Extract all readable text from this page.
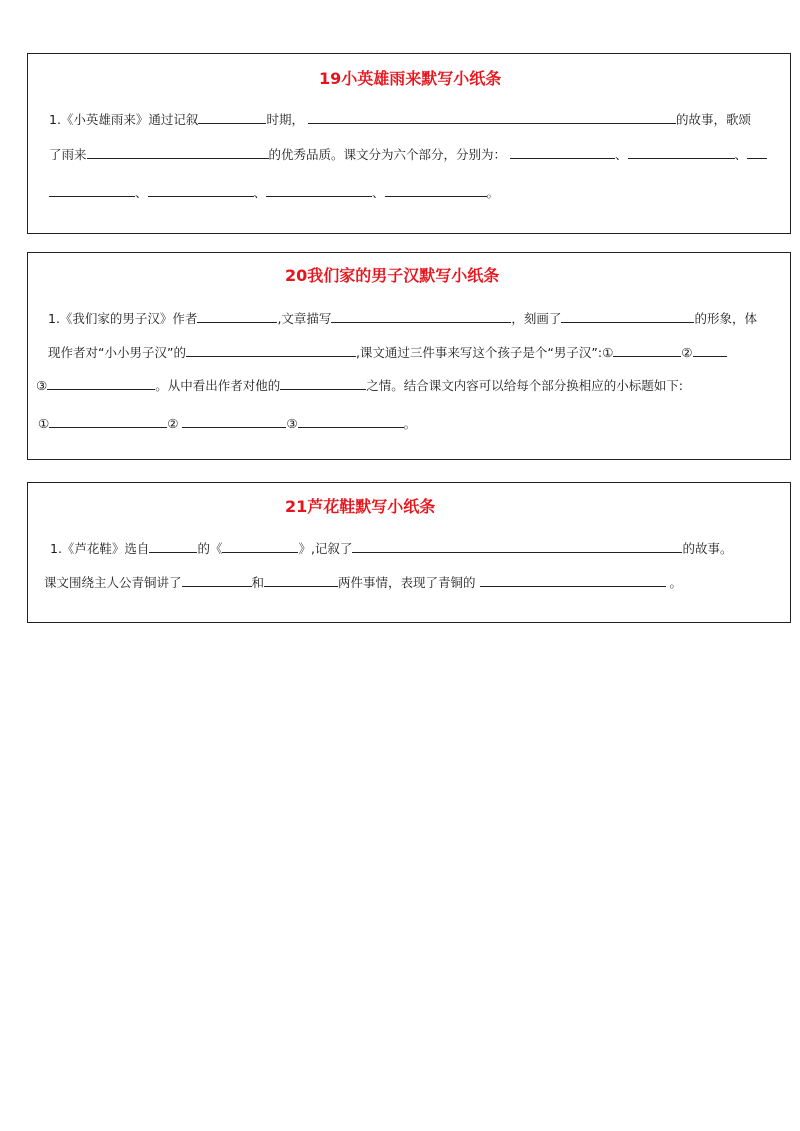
19小英雄雨来默写小纸条
1.《小英雄雨来》通过记叙	时期，	的故事，歌颂
了雨来	的优秀品质。课文分为六个部分，分别为：	、	、
、	、	、	。
20我们家的男子汉默写小纸条
1.《我们家的男子汉》作者	,文章描写	，刻画了	的形象，体
现作者对“小小男子汉”的	,课文通过三件事来写这个孩子是个“男子汉”:①	②
③	。从中看出作者对他的	之情。结合课文内容可以给每个部分换相应的小标题如下:
①	②	③	。
21芦花鞋默写小纸条
1.《芦花鞋》选自	的《	》,记叙了	的故事。
课文围绕主人公青铜讲了	和	两件事情，表现了青铜的	。
